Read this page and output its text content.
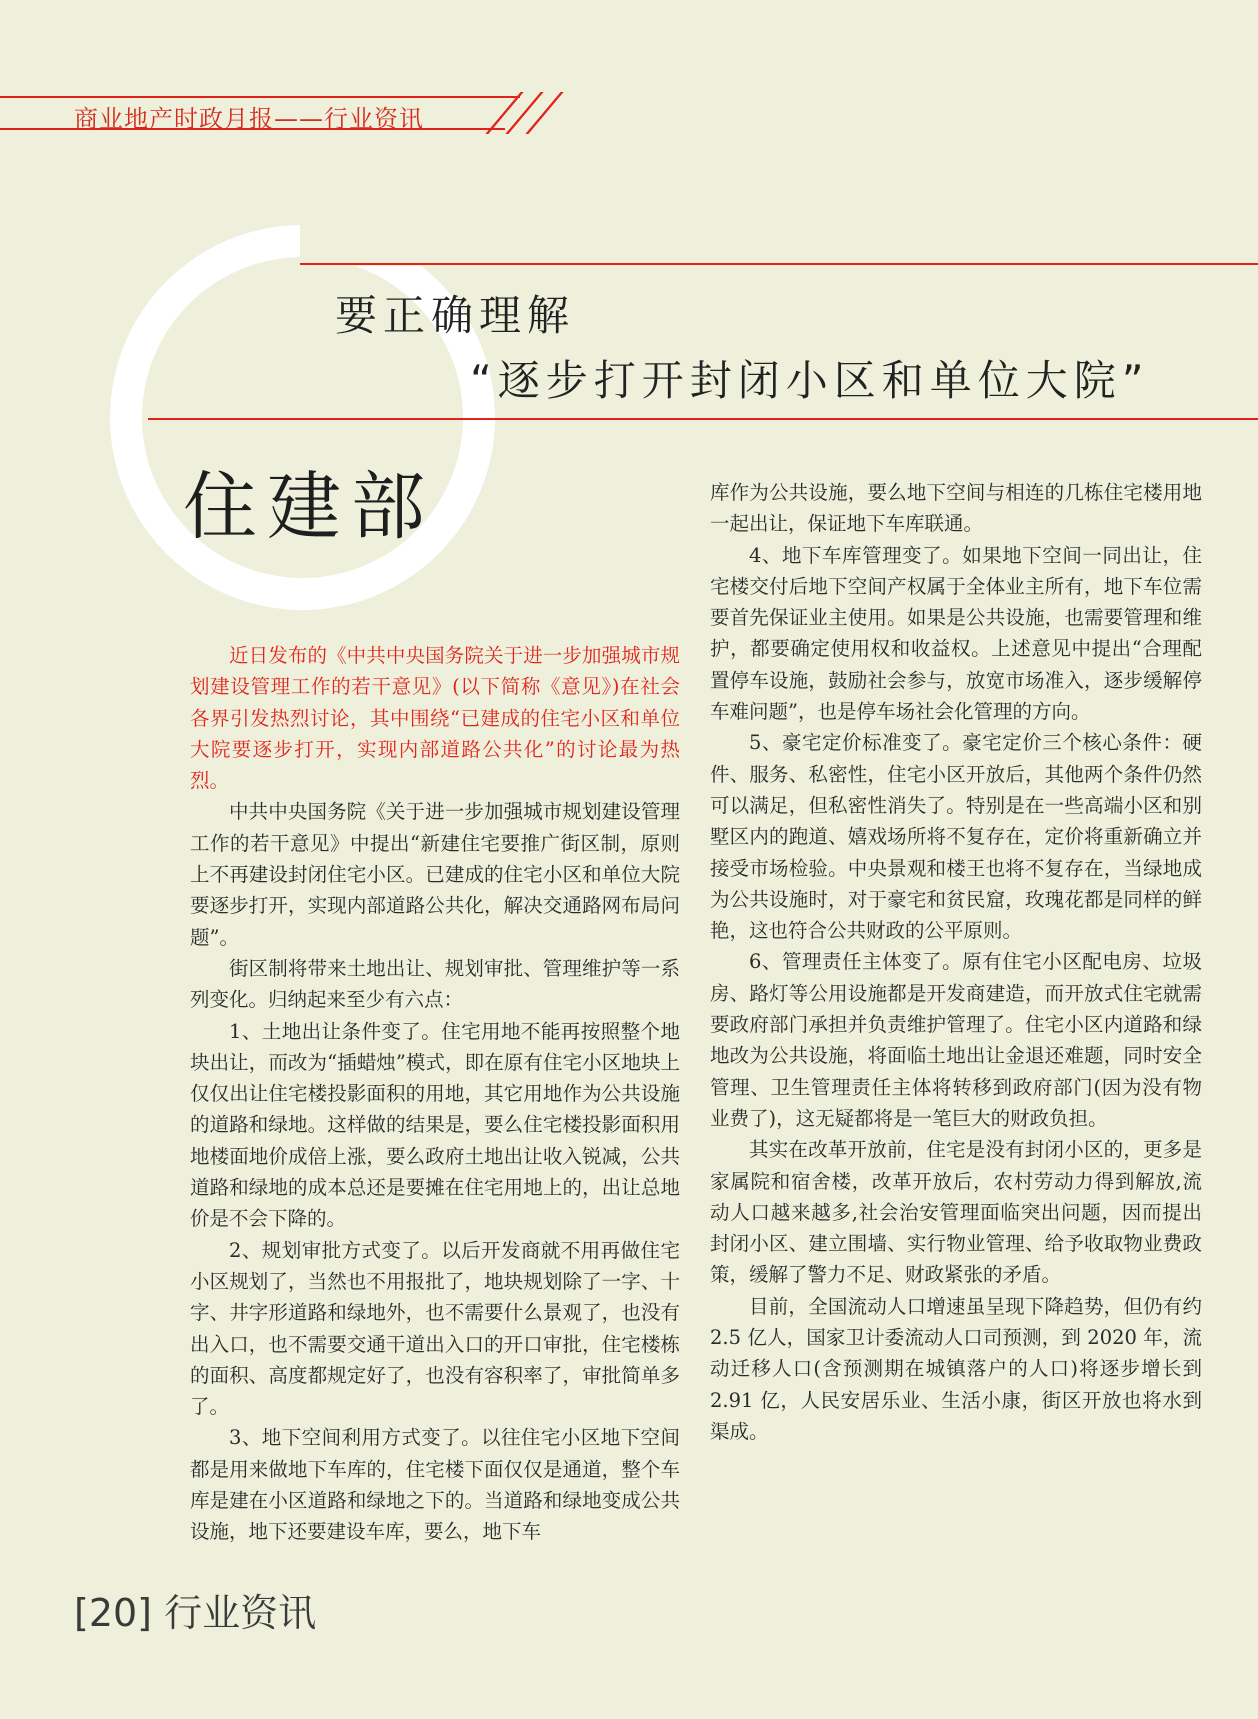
商业地产时政月报——行业资讯
要正确理解
“逐步打开封闭小区和单位大院”
住建部

近日发布的《中共中央国务院关于进一步加强城市规划建设管理工作的若干意见》(以下简称《意见》)在社会各界引发热烈讨论，其中围绕“已建成的住宅小区和单位大院要逐步打开，实现内部道路公共化”的讨论最为热烈。

中共中央国务院《关于进一步加强城市规划建设管理工作的若干意见》中提出“新建住宅要推广街区制，原则上不再建设封闭住宅小区。已建成的住宅小区和单位大院要逐步打开，实现内部道路公共化，解决交通路网布局问题”。

街区制将带来土地出让、规划审批、管理维护等一系列变化。归纳起来至少有六点：

1、土地出让条件变了。住宅用地不能再按照整个地块出让，而改为“插蜡烛”模式，即在原有住宅小区地块上仅仅出让住宅楼投影面积的用地，其它用地作为公共设施的道路和绿地。这样做的结果是，要么住宅楼投影面积用地楼面地价成倍上涨，要么政府土地出让收入锐减，公共道路和绿地的成本总还是要摊在住宅用地上的，出让总地价是不会下降的。

2、规划审批方式变了。以后开发商就不用再做住宅小区规划了，当然也不用报批了，地块规划除了一字、十字、井字形道路和绿地外，也不需要什么景观了，也没有出入口，也不需要交通干道出入口的开口审批，住宅楼栋的面积、高度都规定好了，也没有容积率了，审批简单多了。

3、地下空间利用方式变了。以往住宅小区地下空间都是用来做地下车库的，住宅楼下面仅仅是通道，整个车库是建在小区道路和绿地之下的。当道路和绿地变成公共设施，地下还要建设车库，要么，地下车

库作为公共设施，要么地下空间与相连的几栋住宅楼用地一起出让，保证地下车库联通。

4、地下车库管理变了。如果地下空间一同出让，住宅楼交付后地下空间产权属于全体业主所有，地下车位需要首先保证业主使用。如果是公共设施，也需要管理和维护，都要确定使用权和收益权。上述意见中提出“合理配置停车设施，鼓励社会参与，放宽市场准入，逐步缓解停车难问题”，也是停车场社会化管理的方向。

5、豪宅定价标准变了。豪宅定价三个核心条件：硬件、服务、私密性，住宅小区开放后，其他两个条件仍然可以满足，但私密性消失了。特别是在一些高端小区和别墅区内的跑道、嬉戏场所将不复存在，定价将重新确立并接受市场检验。中央景观和楼王也将不复存在，当绿地成为公共设施时，对于豪宅和贫民窟，玫瑰花都是同样的鲜艳，这也符合公共财政的公平原则。

6、管理责任主体变了。原有住宅小区配电房、垃圾房、路灯等公用设施都是开发商建造，而开放式住宅就需要政府部门承担并负责维护管理了。住宅小区内道路和绿地改为公共设施，将面临土地出让金退还难题，同时安全管理、卫生管理责任主体将转移到政府部门(因为没有物业费了)，这无疑都将是一笔巨大的财政负担。

其实在改革开放前，住宅是没有封闭小区的，更多是家属院和宿舍楼，改革开放后，农村劳动力得到解放,流动人口越来越多,社会治安管理面临突出问题，因而提出封闭小区、建立围墙、实行物业管理、给予收取物业费政策，缓解了警力不足、财政紧张的矛盾。

目前，全国流动人口增速虽呈现下降趋势，但仍有约 2.5 亿人，国家卫计委流动人口司预测，到 2020 年，流动迁移人口(含预测期在城镇落户的人口)将逐步增长到 2.91 亿，人民安居乐业、生活小康，街区开放也将水到渠成。

[20] 行业资讯
